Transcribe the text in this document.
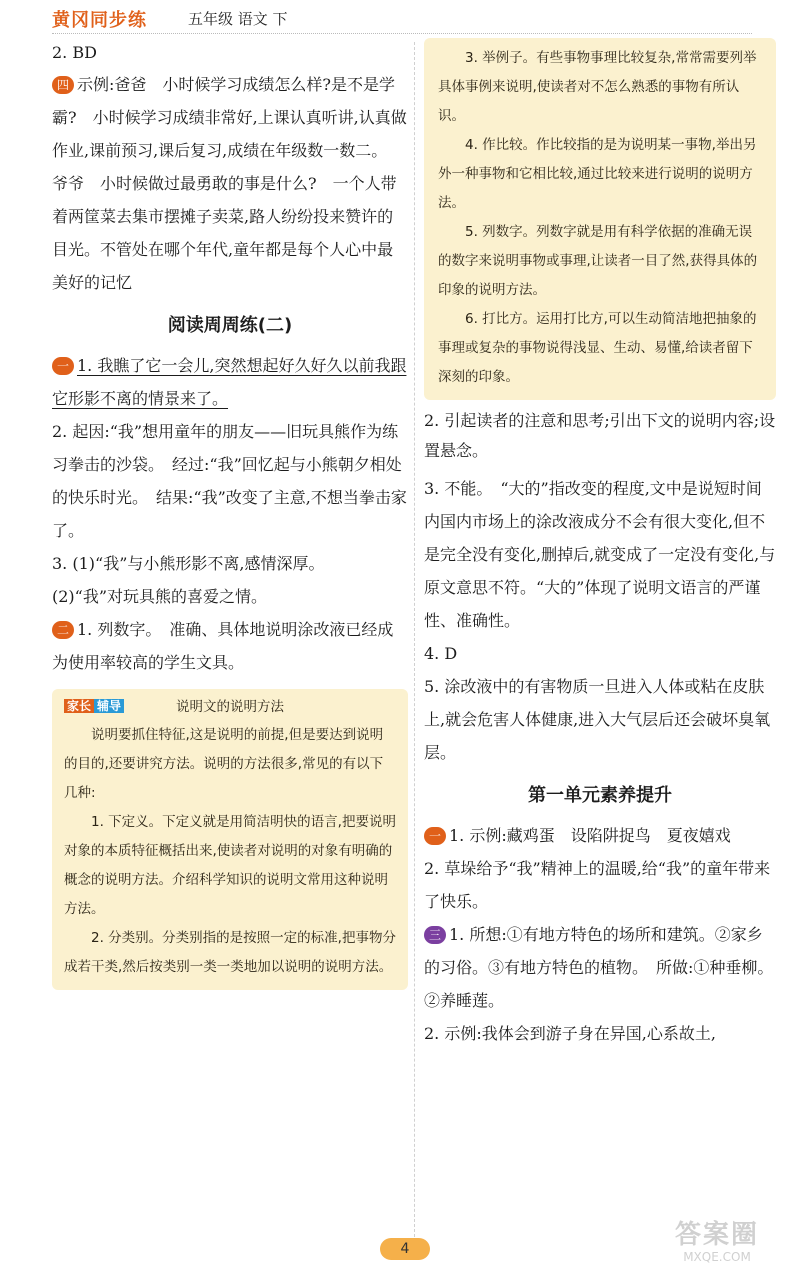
黄冈同步练	五年级 语文 下

2. BD

四 示例:爸爸　小时候学习成绩怎么样?是不是学霸?　小时候学习成绩非常好,上课认真听讲,认真做作业,课前预习,课后复习,成绩在年级数一数二。　爷爷　小时候做过最勇敢的事是什么?　一个人带着两筐菜去集市摆摊子卖菜,路人纷纷投来赞许的目光。不管处在哪个年代,童年都是每个人心中最美好的记忆

阅读周周练(二)

一 1. 我瞧了它一会儿,突然想起好久好久以前我跟它形影不离的情景来了。

2. 起因:“我”想用童年的朋友——旧玩具熊作为练习拳击的沙袋。　经过:“我”回忆起与小熊朝夕相处的快乐时光。　结果:“我”改变了主意,不想当拳击家了。

3. (1)“我”与小熊形影不离,感情深厚。

(2)“我”对玩具熊的喜爱之情。

二 1. 列数字。　准确、具体地说明涂改液已经成为使用率较高的学生文具。

家长 辅导	说明文的说明方法

说明要抓住特征,这是说明的前提,但是要达到说明的目的,还要讲究方法。说明的方法很多,常见的有以下几种:

1. 下定义。下定义就是用简洁明快的语言,把要说明对象的本质特征概括出来,使读者对说明的对象有明确的概念的说明方法。介绍科学知识的说明文常用这种说明方法。

2. 分类别。分类别指的是按照一定的标准,把事物分成若干类,然后按类别一类一类地加以说明的说明方法。

3. 举例子。有些事物事理比较复杂,常常需要列举具体事例来说明,使读者对不怎么熟悉的事物有所认识。

4. 作比较。作比较指的是为说明某一事物,举出另外一种事物和它相比较,通过比较来进行说明的说明方法。

5. 列数字。列数字就是用有科学依据的准确无误的数字来说明事物或事理,让读者一目了然,获得具体的印象的说明方法。

6. 打比方。运用打比方,可以生动简洁地把抽象的事理或复杂的事物说得浅显、生动、易懂,给读者留下深刻的印象。

2. 引起读者的注意和思考;引出下文的说明内容;设置悬念。

3. 不能。　“大的”指改变的程度,文中是说短时间内国内市场上的涂改液成分不会有很大变化,但不是完全没有变化,删掉后,就变成了一定没有变化,与原文意思不符。“大的”体现了说明文语言的严谨性、准确性。

4. D

5. 涂改液中的有害物质一旦进入人体或粘在皮肤上,就会危害人体健康,进入大气层后还会破坏臭氧层。

第一单元素养提升

一 1. 示例:藏鸡蛋　设陷阱捉鸟　夏夜嬉戏

2. 草垛给予“我”精神上的温暖,给“我”的童年带来了快乐。

三 1. 所想:①有地方特色的场所和建筑。②家乡的习俗。③有地方特色的植物。　所做:①种垂柳。②养睡莲。

2. 示例:我体会到游子身在异国,心系故土,

4	答案圈
MXQE.COM
